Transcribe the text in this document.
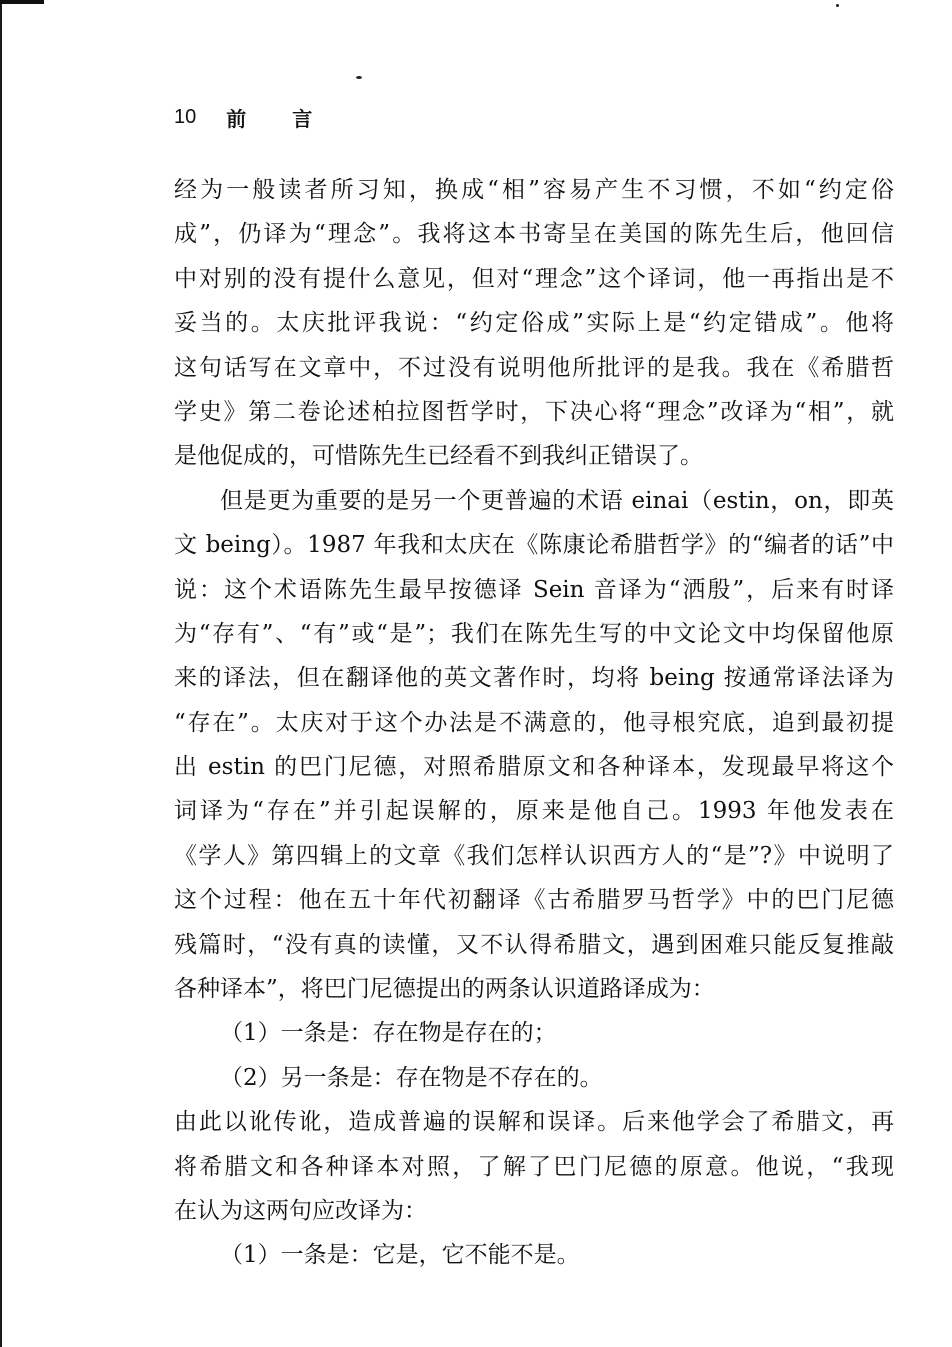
10 前 言
经为一般读者所习知，换成“相”容易产生不习惯，不如“约定俗
成”，仍译为“理念”。我将这本书寄呈在美国的陈先生后，他回信
中对别的没有提什么意见，但对“理念”这个译词，他一再指出是不
妥当的。太庆批评我说：“约定俗成”实际上是“约定错成”。他将
这句话写在文章中，不过没有说明他所批评的是我。我在《希腊哲
学史》第二卷论述柏拉图哲学时，下决心将“理念”改译为“相”，就
是他促成的，可惜陈先生已经看不到我纠正错误了。
但是更为重要的是另一个更普遍的术语 einai（estin，on，即英
文 being）。1987 年我和太庆在《陈康论希腊哲学》的“编者的话”中
说：这个术语陈先生最早按德译 Sein 音译为“洒殷”，后来有时译
为“存有”、“有”或“是”；我们在陈先生写的中文论文中均保留他原
来的译法，但在翻译他的英文著作时，均将 being 按通常译法译为
“存在”。太庆对于这个办法是不满意的，他寻根究底，追到最初提
出 estin 的巴门尼德，对照希腊原文和各种译本，发现最早将这个
词译为“存在”并引起误解的，原来是他自己。1993 年他发表在
《学人》第四辑上的文章《我们怎样认识西方人的“是”?》中说明了
这个过程：他在五十年代初翻译《古希腊罗马哲学》中的巴门尼德
残篇时，“没有真的读懂，又不认得希腊文，遇到困难只能反复推敲
各种译本”，将巴门尼德提出的两条认识道路译成为：
（1）一条是：存在物是存在的；
（2）另一条是：存在物是不存在的。
由此以讹传讹，造成普遍的误解和误译。后来他学会了希腊文，再
将希腊文和各种译本对照，了解了巴门尼德的原意。他说，“我现
在认为这两句应改译为：
（1）一条是：它是，它不能不是。
